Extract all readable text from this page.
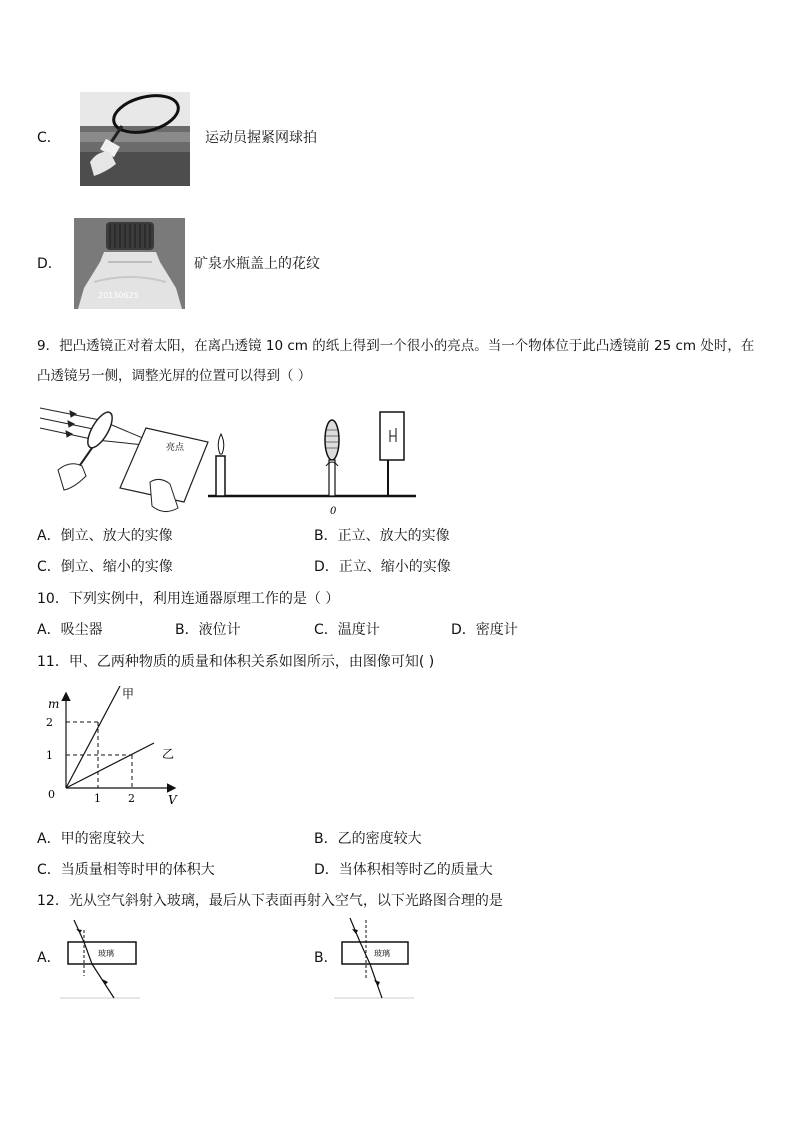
C．	运动员握紧网球拍
D．
20130625
矿泉水瓶盖上的花纹
9．把凸透镜正对着太阳，在离凸透镜 10 cm 的纸上得到一个很小的亮点。当一个物体位于此凸透镜前 25 cm 处时，在
凸透镜另一侧，调整光屏的位置可以得到（ ）
亮点
0
A．倒立、放大的实像	B．正立、放大的实像
C．倒立、缩小的实像	D．正立、缩小的实像
10．下列实例中，利用连通器原理工作的是（ ）
A．吸尘器	B．液位计	C．温度计	D．密度计
11．甲、乙两种物质的质量和体积关系如图所示，由图像可知( )
m
V
甲
乙
2
1
1 2
0
A．甲的密度较大	B．乙的密度较大
C．当质量相等时甲的体积大	D．当体积相等时乙的质量大
12．光从空气斜射入玻璃，最后从下表面再射入空气，以下光路图合理的是
A．	玻璃	B．	玻璃
